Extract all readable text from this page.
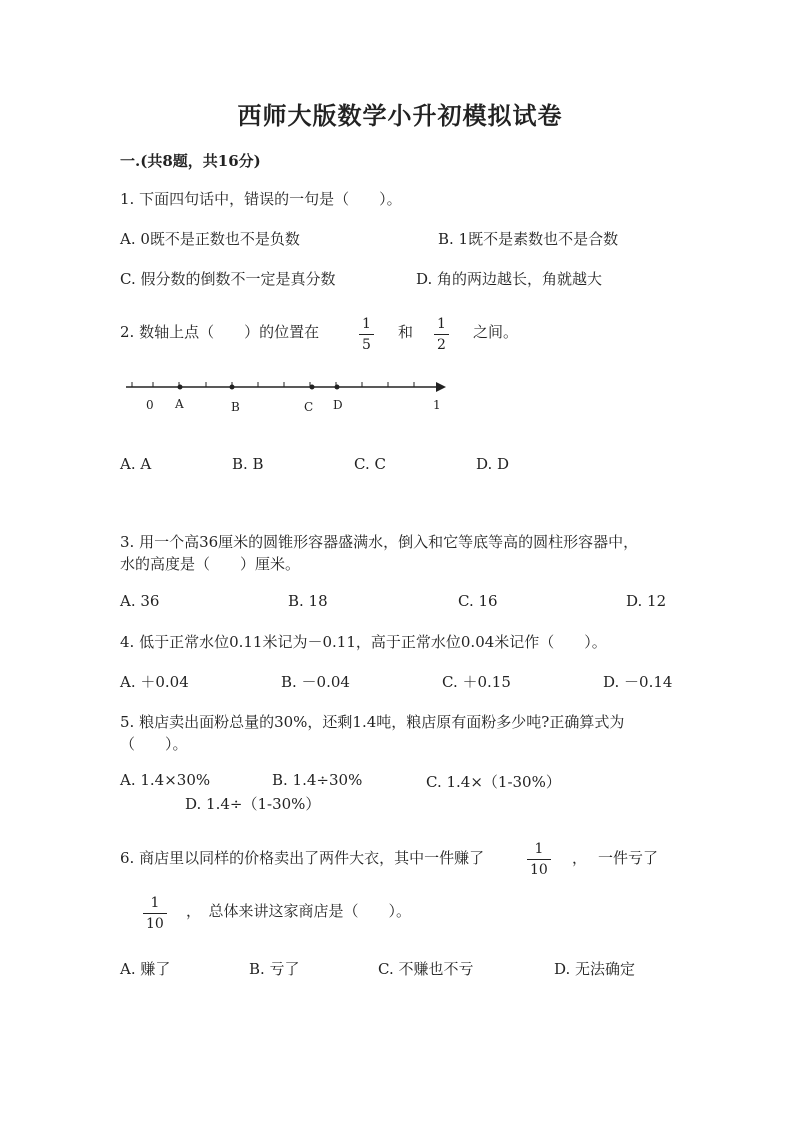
西师大版数学小升初模拟试卷
一.(共8题，共16分)
1. 下面四句话中，错误的一句是（　　）。
A. 0既不是正数也不是负数	B. 1既不是素数也不是合数
C. 假分数的倒数不一定是真分数	D. 角的两边越长，角就越大
2. 数轴上点（　　）的位置在	$\frac{1}{5}$ 和 $\frac{1}{2}$ 之间。
0 A	B	C D	1
A. A	B. B	C. C	D. D
3. 用一个高36厘米的圆锥形容器盛满水，倒入和它等底等高的圆柱形容器中，
水的高度是（　　）厘米。
A. 36	B. 18	C. 16	D. 12
4. 低于正常水位0.11米记为－0.11，高于正常水位0.04米记作（　　）。
A. ＋0.04	B. －0.04	C. ＋0.15	D. －0.14
5. 粮店卖出面粉总量的30%，还剩1.4吨，粮店原有面粉多少吨?正确算式为
（　　）。
A. 1.4×30%	B. 1.4÷30%	C. 1.4×（1-30%）
D. 1.4÷（1-30%）
6. 商店里以同样的价格卖出了两件大衣，其中一件赚了	$\frac{1}{10}$ ， 一件亏了
$\frac{1}{10}$ ，　总体来讲这家商店是（　　）。
A. 赚了	B. 亏了	C. 不赚也不亏	D. 无法确定
